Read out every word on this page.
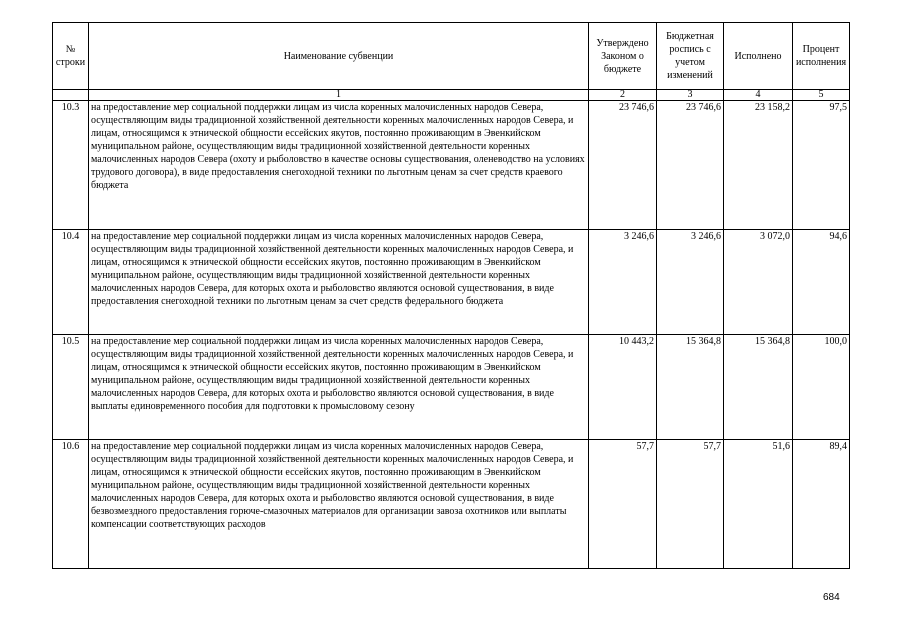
№ строки	Наименование субвенции	Утверждено Законом о бюджете	Бюджетная роспись с учетом изменений	Исполнено	Процент исполнения
	1	2	3	4	5
10.3	на предоставление мер социальной поддержки лицам из числа коренных малочисленных народов Севера, осуществляющим виды традиционной хозяйственной деятельности коренных малочисленных народов Севера, и лицам, относящимся к этнической общности ессейских якутов, постоянно проживающим в Эвенкийском муниципальном районе, осуществляющим виды традиционной хозяйственной деятельности коренных малочисленных народов Севера (охоту и рыболовство в качестве основы существования, оленеводство на условиях трудового договора), в виде предоставления снегоходной техники по льготным ценам за счет средств краевого бюджета	23 746,6	23 746,6	23 158,2	97,5
10.4	на предоставление мер социальной поддержки лицам из числа коренных малочисленных народов Севера, осуществляющим виды традиционной хозяйственной деятельности коренных малочисленных народов Севера, и лицам, относящимся к этнической общности ессейских якутов, постоянно проживающим в Эвенкийском муниципальном районе, осуществляющим виды традиционной хозяйственной деятельности коренных малочисленных народов Севера, для которых охота и рыболовство являются основой существования, в виде предоставления снегоходной техники по льготным ценам за счет средств федерального бюджета	3 246,6	3 246,6	3 072,0	94,6
10.5	на предоставление мер социальной поддержки лицам из числа коренных малочисленных народов Севера, осуществляющим виды традиционной хозяйственной деятельности коренных малочисленных народов Севера, и лицам, относящимся к этнической общности ессейских якутов, постоянно проживающим в Эвенкийском муниципальном районе, осуществляющим виды традиционной хозяйственной деятельности коренных малочисленных народов Севера, для которых охота и рыболовство являются основой существования, в виде выплаты единовременного пособия для подготовки к промысловому сезону	10 443,2	15 364,8	15 364,8	100,0
10.6	на предоставление мер социальной поддержки лицам из числа коренных малочисленных народов Севера, осуществляющим виды традиционной хозяйственной деятельности коренных малочисленных народов Севера, и лицам, относящимся к этнической общности ессейских якутов, постоянно проживающим в Эвенкийском муниципальном районе, осуществляющим виды традиционной хозяйственной деятельности коренных малочисленных народов Севера, для которых охота и рыболовство являются основой существования, в виде безвозмездного предоставления горюче-смазочных материалов для организации завоза охотников или выплаты компенсации соответствующих расходов	57,7	57,7	51,6	89,4
684
